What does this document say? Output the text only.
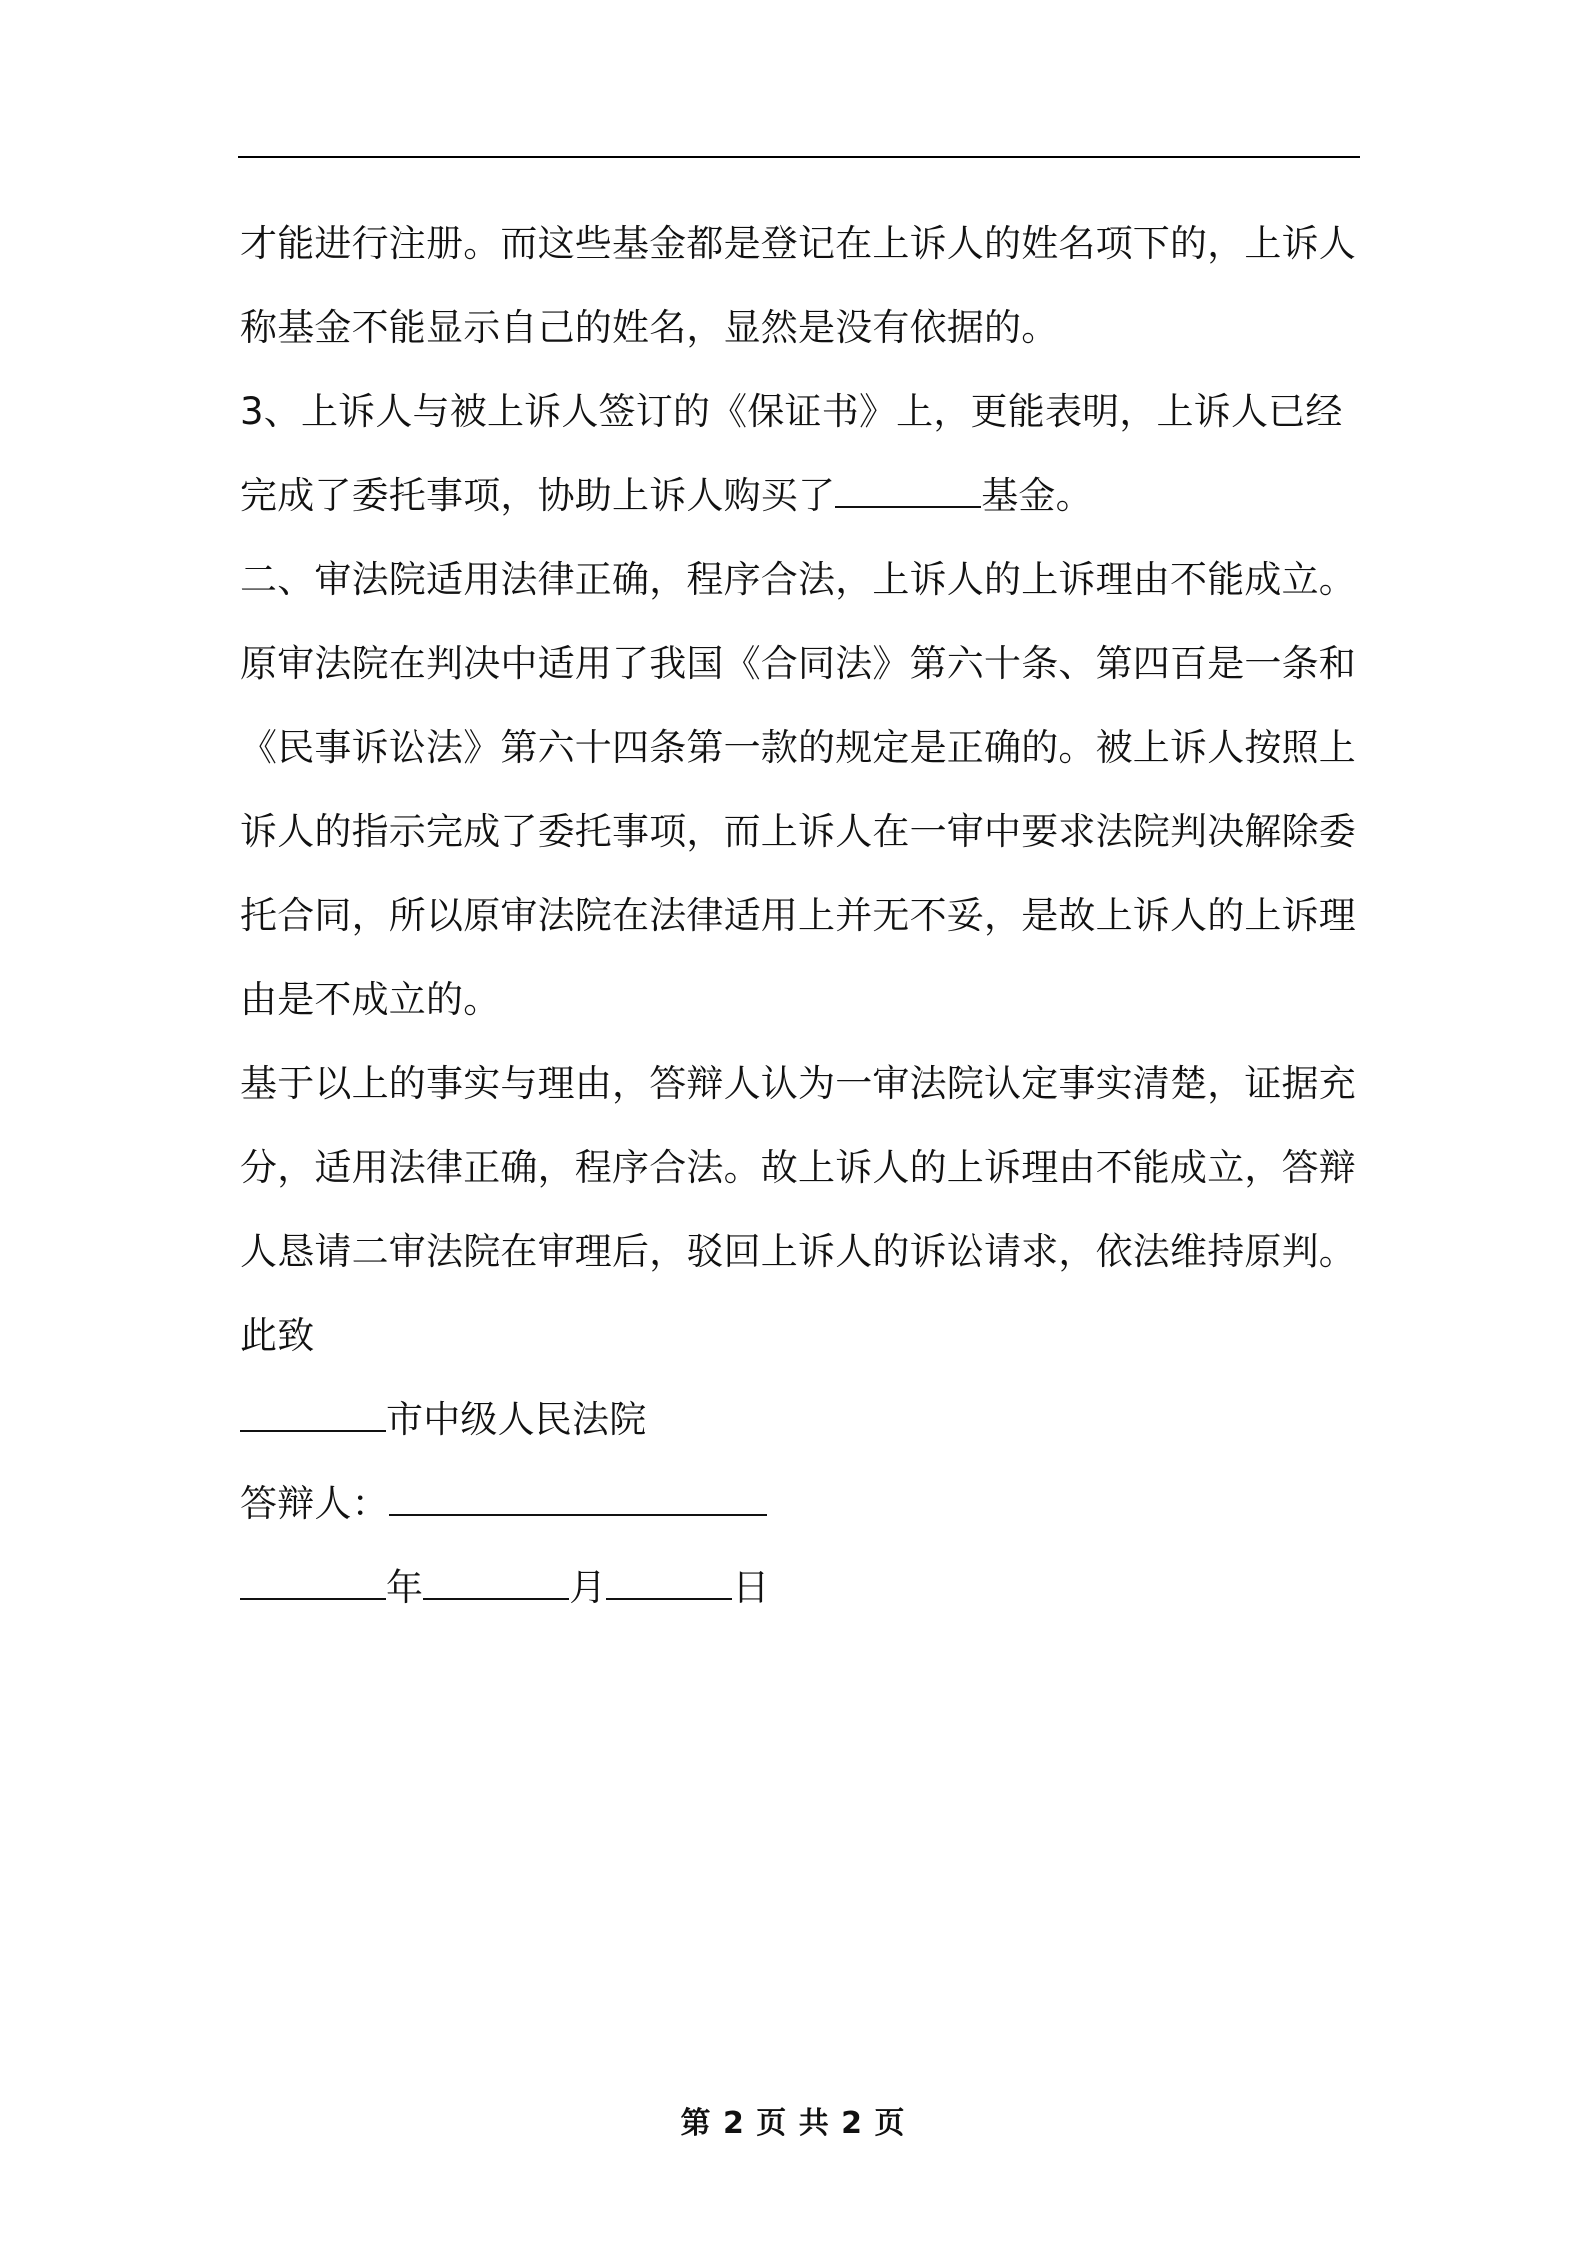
才能进行注册。而这些基金都是登记在上诉人的姓名项下的，上诉人
称基金不能显示自己的姓名，显然是没有依据的。
3、上诉人与被上诉人签订的《保证书》上，更能表明，上诉人已经
完成了委托事项，协助上诉人购买了	基金。
二、审法院适用法律正确，程序合法，上诉人的上诉理由不能成立。
原审法院在判决中适用了我国《合同法》第六十条、第四百是一条和
《民事诉讼法》第六十四条第一款的规定是正确的。被上诉人按照上
诉人的指示完成了委托事项，而上诉人在一审中要求法院判决解除委
托合同，所以原审法院在法律适用上并无不妥，是故上诉人的上诉理
由是不成立的。
基于以上的事实与理由，答辩人认为一审法院认定事实清楚，证据充
分，适用法律正确，程序合法。故上诉人的上诉理由不能成立，答辩
人恳请二审法院在审理后，驳回上诉人的诉讼请求，依法维持原判。
此致
市中级人民法院
答辩人：
年	月	日
第 2 页 共 2 页
